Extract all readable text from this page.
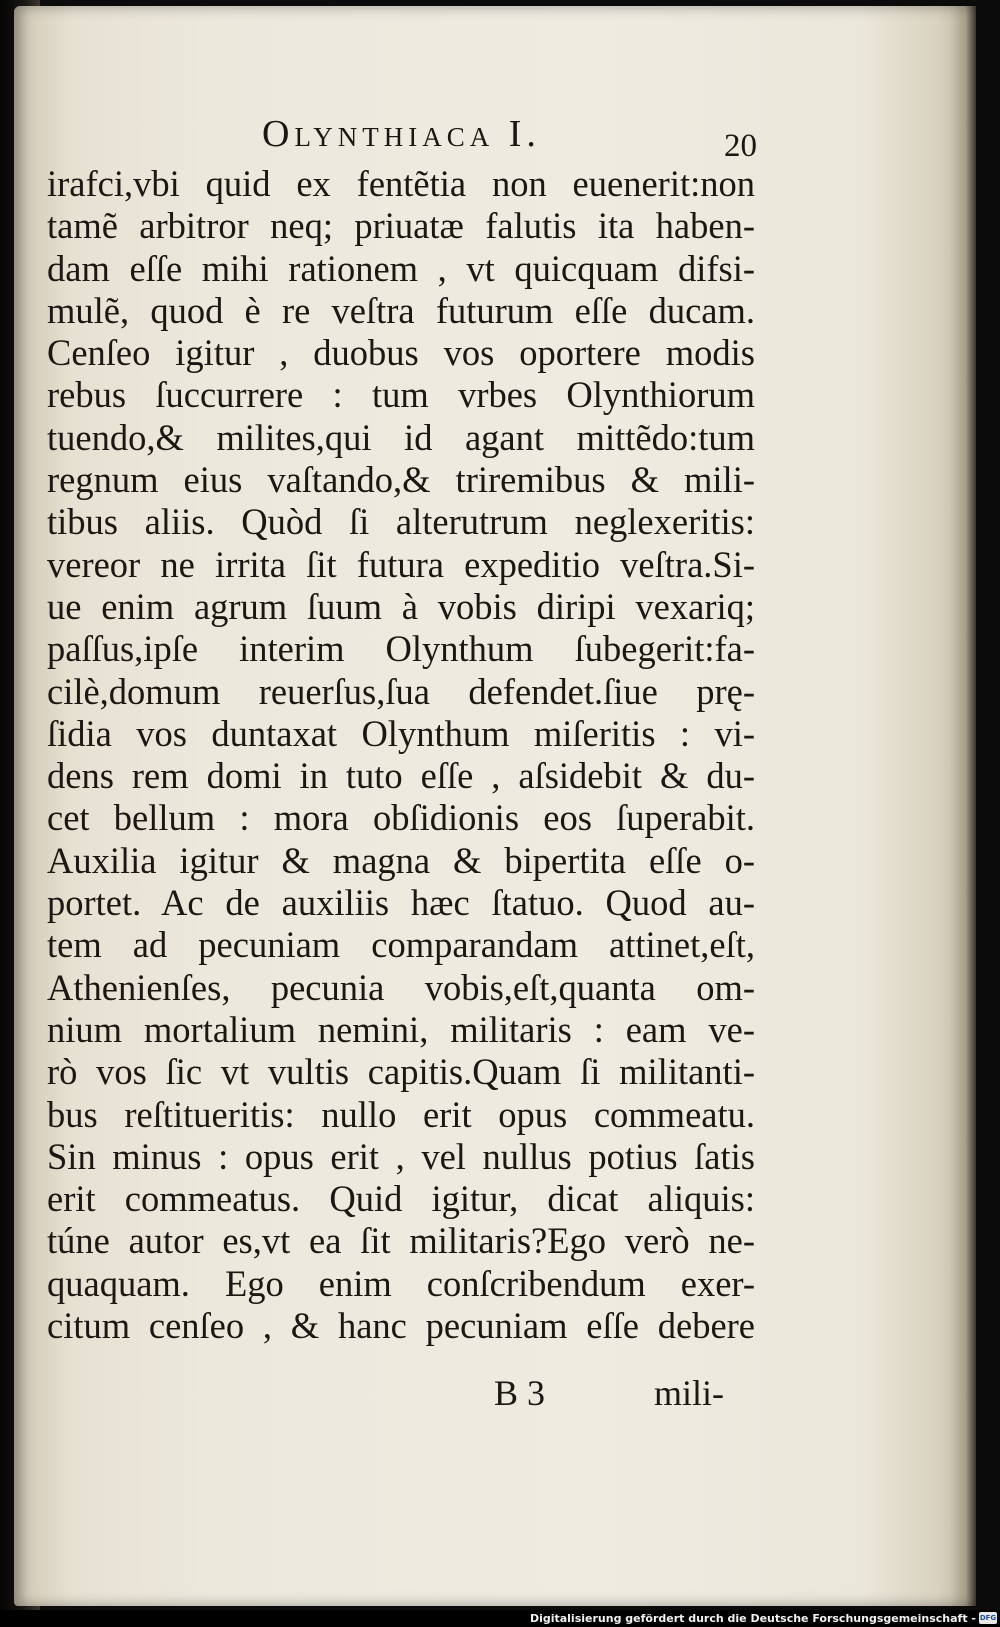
Olynthiaca I.	20
irafci,vbi quid ex fentẽtia non euenerit:non
tamẽ arbitror neq; priuatæ falutis ita haben-
dam eſſe mihi rationem , vt quicquam difsi-
mulẽ, quod è re veſtra futurum eſſe ducam.
Cenſeo igitur , duobus vos oportere modis
rebus ſuccurrere : tum vrbes Olynthiorum
tuendo,& milites,qui id agant mittẽdo:tum
regnum eius vaſtando,& triremibus & mili-
tibus aliis. Quòd ſi alterutrum neglexeritis:
vereor ne irrita ſit futura expeditio veſtra.Si-
ue enim agrum ſuum à vobis diripi vexariq;
paſſus,ipſe interim Olynthum ſubegerit:fa-
cilè,domum reuerſus,ſua defendet.ſiue prę-
ſidia vos duntaxat Olynthum miſeritis : vi-
dens rem domi in tuto eſſe , aſsidebit & du-
cet bellum : mora obſidionis eos ſuperabit.
Auxilia igitur & magna & bipertita eſſe o-
portet. Ac de auxiliis hæc ſtatuo. Quod au-
tem ad pecuniam comparandam attinet,eſt,
Athenienſes, pecunia vobis,eſt,quanta om-
nium mortalium nemini, militaris : eam ve-
rò vos ſic vt vultis capitis.Quam ſi militanti-
bus reſtitueritis: nullo erit opus commeatu.
Sin minus : opus erit , vel nullus potius ſatis
erit commeatus. Quid igitur, dicat aliquis:
túne autor es,vt ea ſit militaris?Ego verò ne-
quaquam. Ego enim conſcribendum exer-
citum cenſeo , & hanc pecuniam eſſe debere
B 3	mili-
Digitalisierung gefördert durch die Deutsche Forschungsgemeinschaft - DFG
